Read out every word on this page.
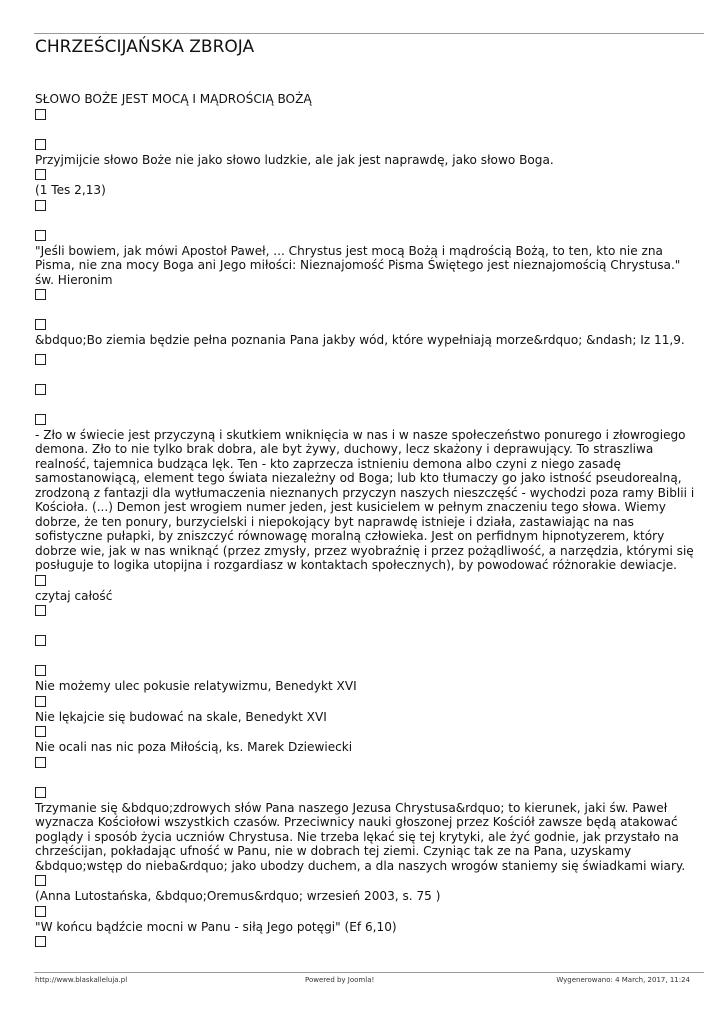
CHRZEŚCIJAŃSKA ZBROJA

SŁOWO BOŻE JEST MOCĄ I MĄDROŚCIĄ BOŻĄ

Przyjmijcie słowo Boże nie jako słowo ludzkie, ale jak jest naprawdę, jako słowo Boga.

(1 Tes 2,13)

"Jeśli bowiem, jak mówi Apostoł Paweł, ... Chrystus jest mocą Bożą i mądrością Bożą, to ten, kto nie zna Pisma, nie zna mocy Boga ani Jego miłości: Nieznajomość Pisma Świętego jest nieznajomością Chrystusa." św. Hieronim

&bdquo;Bo ziemia będzie pełna poznania Pana jakby wód, które wypełniają morze&rdquo; &ndash; Iz 11,9.

- Zło w świecie jest przyczyną i skutkiem wniknięcia w nas i w nasze społeczeństwo ponurego i złowrogiego demona. Zło to nie tylko brak dobra, ale byt żywy, duchowy, lecz skażony i deprawujący. To straszliwa realność, tajemnica budząca lęk. Ten - kto zaprzecza istnieniu demona albo czyni z niego zasadę samostanowiącą, element tego świata niezależny od Boga; lub kto tłumaczy go jako istność pseudorealną, zrodzoną z fantazji dla wytłumaczenia nieznanych przyczyn naszych nieszczęść - wychodzi poza ramy Biblii i Kościoła. (...) Demon jest wrogiem numer jeden, jest kusicielem w pełnym znaczeniu tego słowa. Wiemy dobrze, że ten ponury, burzycielski i niepokojący byt naprawdę istnieje i działa, zastawiając na nas sofistyczne pułapki, by zniszczyć równowagę moralną człowieka. Jest on perfidnym hipnotyzerem, który dobrze wie, jak w nas wniknąć (przez zmysły, przez wyobraźnię i przez pożądliwość, a narzędzia, którymi się posługuje to logika utopijna i rozgardiasz w kontaktach społecznych), by powodować różnorakie dewiacje.

czytaj całość

Nie możemy ulec pokusie relatywizmu, Benedykt XVI

Nie lękajcie się budować na skale, Benedykt XVI

Nie ocali nas nic poza Miłością, ks. Marek Dziewiecki

Trzymanie się &bdquo;zdrowych słów Pana naszego Jezusa Chrystusa&rdquo; to kierunek, jaki św. Paweł wyznacza Kościołowi wszystkich czasów. Przeciwnicy nauki głoszonej przez Kościół zawsze będą atakować poglądy i sposób życia uczniów Chrystusa. Nie trzeba lękać się tej krytyki, ale żyć godnie, jak przystało na chrześcijan, pokładając ufność w Panu, nie w dobrach tej ziemi. Czyniąc tak ze na Pana, uzyskamy &bdquo;wstęp do nieba&rdquo; jako ubodzy duchem, a dla naszych wrogów staniemy się świadkami wiary.

(Anna Lutostańska, &bdquo;Oremus&rdquo; wrzesień 2003, s. 75 )

"W końcu bądźcie mocni w Panu - siłą Jego potęgi" (Ef 6,10)

http://www.blaskalleluja.pl	Powered by Joomla!	Wygenerowano: 4 March, 2017, 11:24
